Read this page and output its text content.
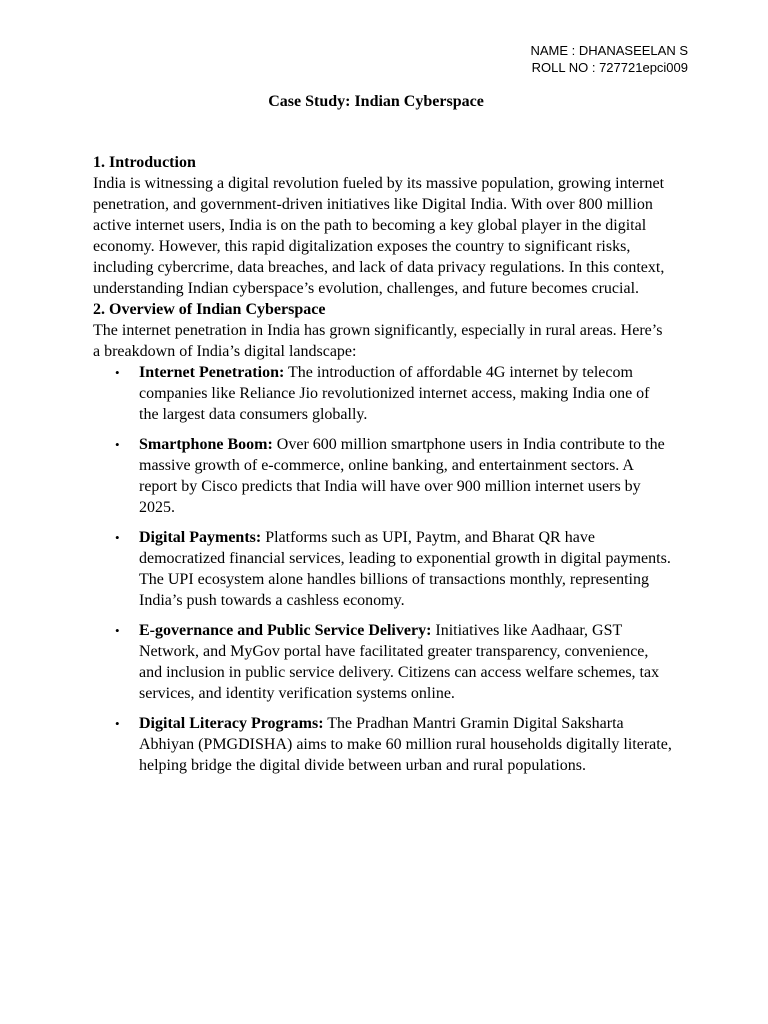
NAME : DHANASEELAN S
ROLL NO : 727721epci009
Case Study: Indian Cyberspace
1. Introduction

India is witnessing a digital revolution fueled by its massive population, growing internet penetration, and government-driven initiatives like Digital India. With over 800 million active internet users, India is on the path to becoming a key global player in the digital economy. However, this rapid digitalization exposes the country to significant risks, including cybercrime, data breaches, and lack of data privacy regulations. In this context, understanding Indian cyberspace’s evolution, challenges, and future becomes crucial.

2. Overview of Indian Cyberspace

The internet penetration in India has grown significantly, especially in rural areas. Here’s a breakdown of India’s digital landscape:

• Internet Penetration: The introduction of affordable 4G internet by telecom companies like Reliance Jio revolutionized internet access, making India one of the largest data consumers globally.
• Smartphone Boom: Over 600 million smartphone users in India contribute to the massive growth of e-commerce, online banking, and entertainment sectors. A report by Cisco predicts that India will have over 900 million internet users by 2025.
• Digital Payments: Platforms such as UPI, Paytm, and Bharat QR have democratized financial services, leading to exponential growth in digital payments. The UPI ecosystem alone handles billions of transactions monthly, representing India’s push towards a cashless economy.
• E-governance and Public Service Delivery: Initiatives like Aadhaar, GST Network, and MyGov portal have facilitated greater transparency, convenience, and inclusion in public service delivery. Citizens can access welfare schemes, tax services, and identity verification systems online.
• Digital Literacy Programs: The Pradhan Mantri Gramin Digital Saksharta Abhiyan (PMGDISHA) aims to make 60 million rural households digitally literate, helping bridge the digital divide between urban and rural populations.
